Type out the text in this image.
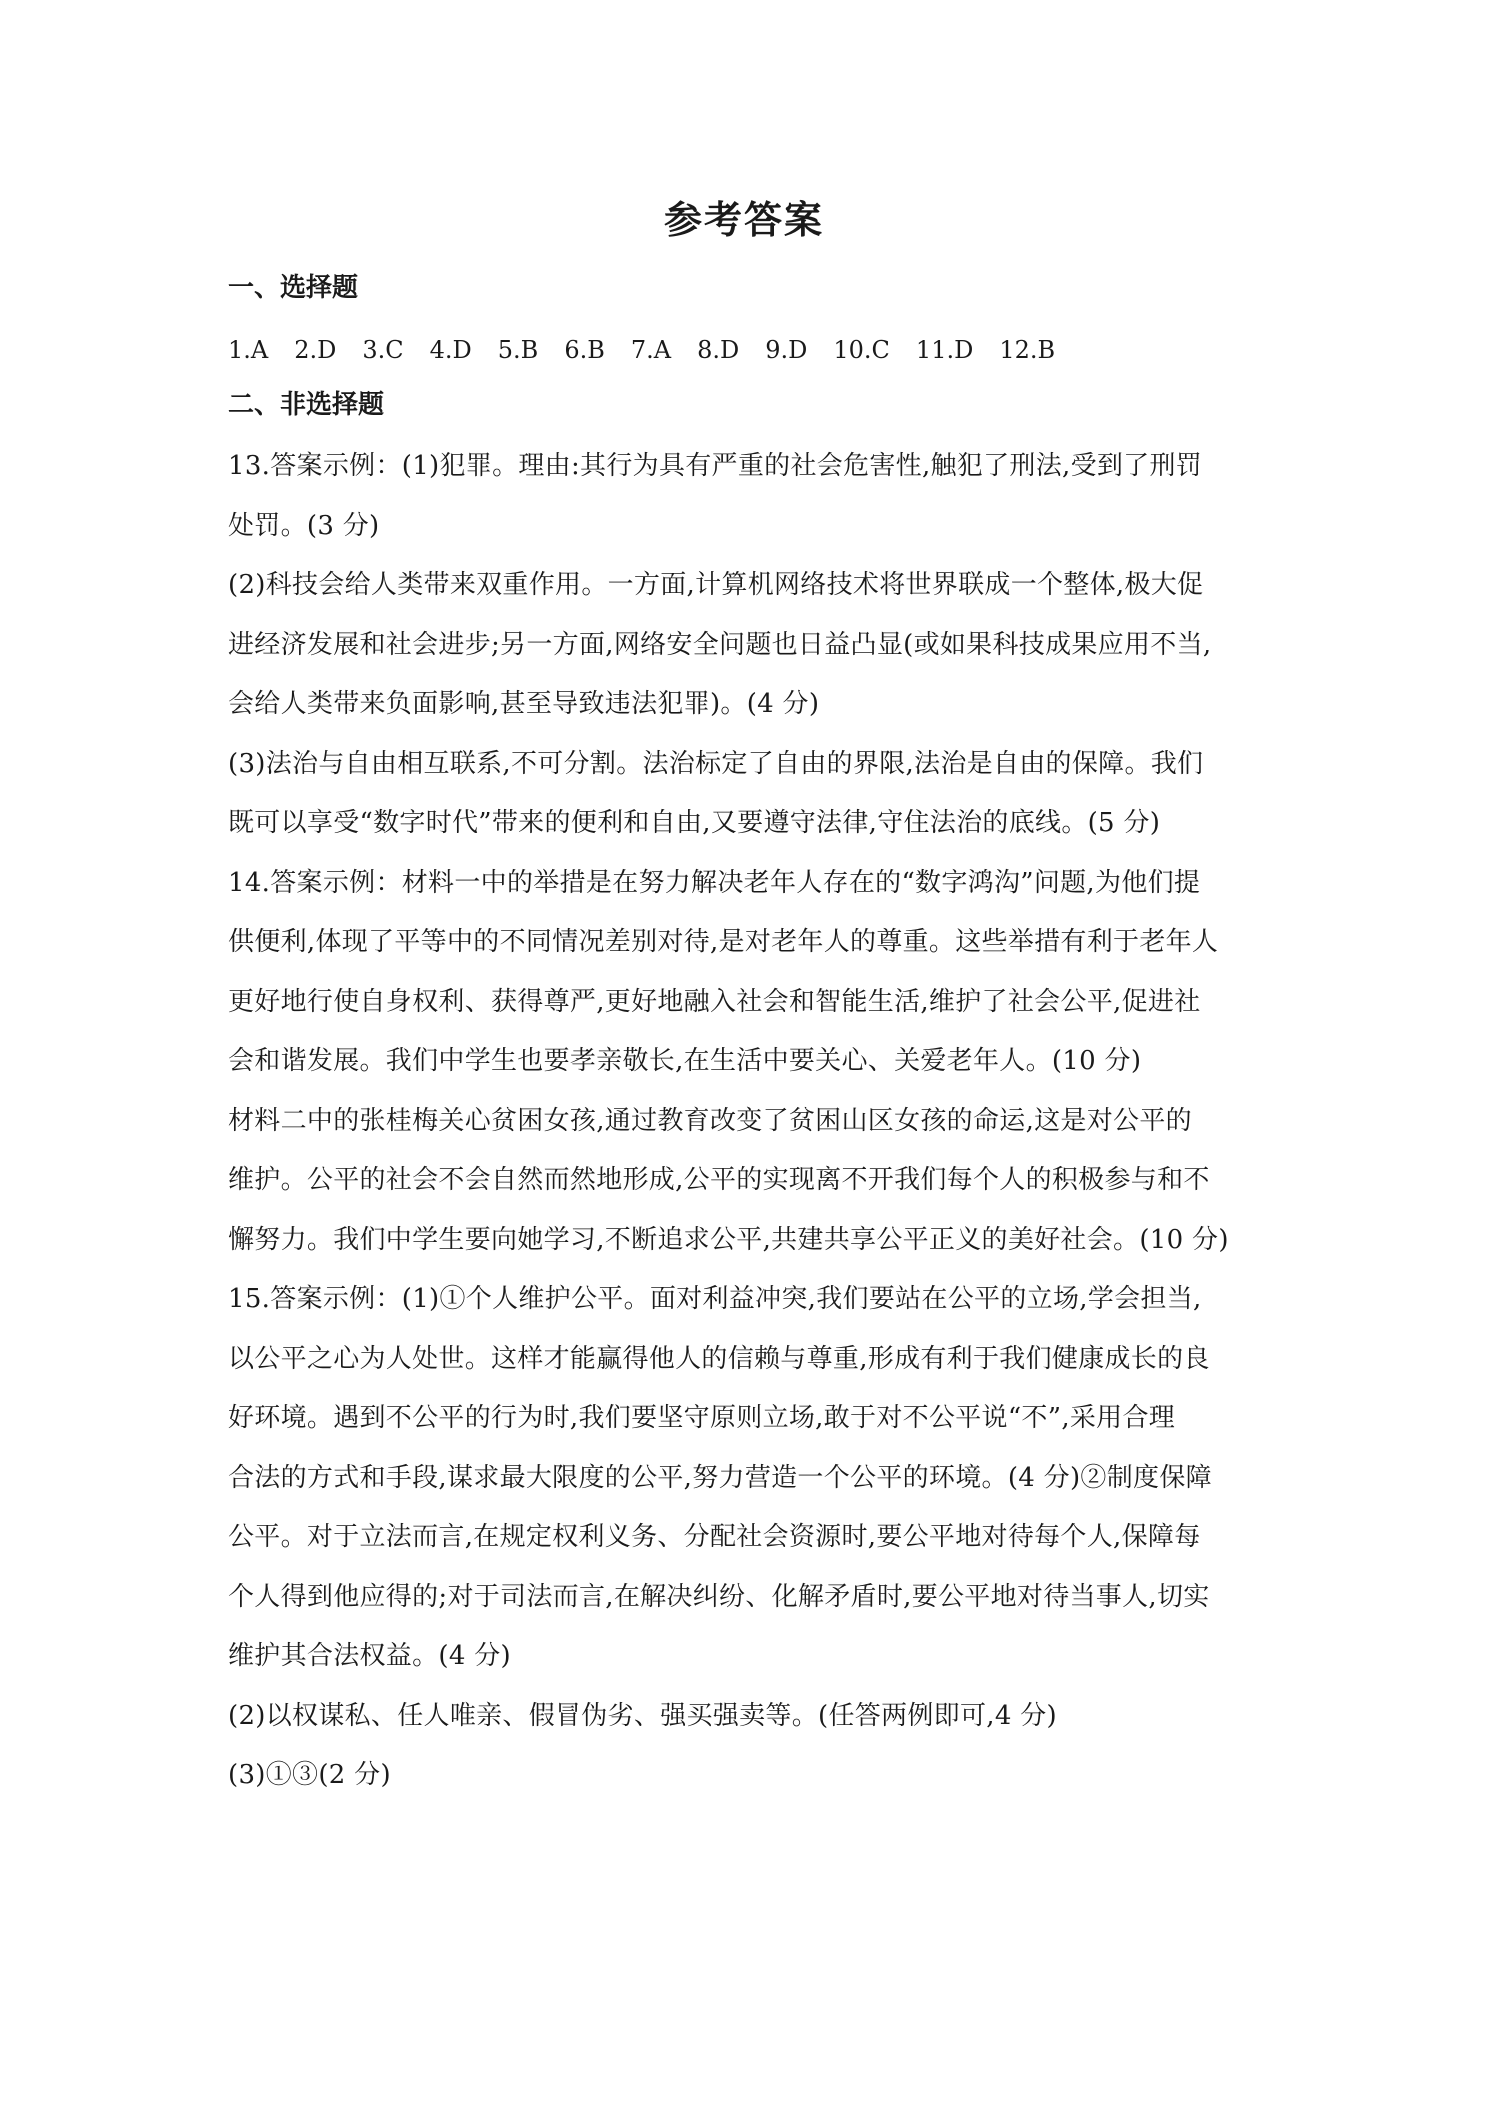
参考答案
一、选择题
1.A 2.D 3.C 4.D 5.B 6.B 7.A 8.D 9.D 10.C 11.D 12.B
二、非选择题
13.答案示例：(1)犯罪。理由:其行为具有严重的社会危害性,触犯了刑法,受到了刑罚
处罚。(3 分)
(2)科技会给人类带来双重作用。一方面,计算机网络技术将世界联成一个整体,极大促
进经济发展和社会进步;另一方面,网络安全问题也日益凸显(或如果科技成果应用不当,
会给人类带来负面影响,甚至导致违法犯罪)。(4 分)
(3)法治与自由相互联系,不可分割。法治标定了自由的界限,法治是自由的保障。我们
既可以享受“数字时代”带来的便利和自由,又要遵守法律,守住法治的底线。(5 分)
14.答案示例：材料一中的举措是在努力解决老年人存在的“数字鸿沟”问题,为他们提
供便利,体现了平等中的不同情况差别对待,是对老年人的尊重。这些举措有利于老年人
更好地行使自身权利、获得尊严,更好地融入社会和智能生活,维护了社会公平,促进社
会和谐发展。我们中学生也要孝亲敬长,在生活中要关心、关爱老年人。(10 分)
材料二中的张桂梅关心贫困女孩,通过教育改变了贫困山区女孩的命运,这是对公平的
维护。公平的社会不会自然而然地形成,公平的实现离不开我们每个人的积极参与和不
懈努力。我们中学生要向她学习,不断追求公平,共建共享公平正义的美好社会。(10 分)
15.答案示例：(1)①个人维护公平。面对利益冲突,我们要站在公平的立场,学会担当,
以公平之心为人处世。这样才能赢得他人的信赖与尊重,形成有利于我们健康成长的良
好环境。遇到不公平的行为时,我们要坚守原则立场,敢于对不公平说“不”,采用合理
合法的方式和手段,谋求最大限度的公平,努力营造一个公平的环境。(4 分)②制度保障
公平。对于立法而言,在规定权利义务、分配社会资源时,要公平地对待每个人,保障每
个人得到他应得的;对于司法而言,在解决纠纷、化解矛盾时,要公平地对待当事人,切实
维护其合法权益。(4 分)
(2)以权谋私、任人唯亲、假冒伪劣、强买强卖等。(任答两例即可,4 分)
(3)①③(2 分)
